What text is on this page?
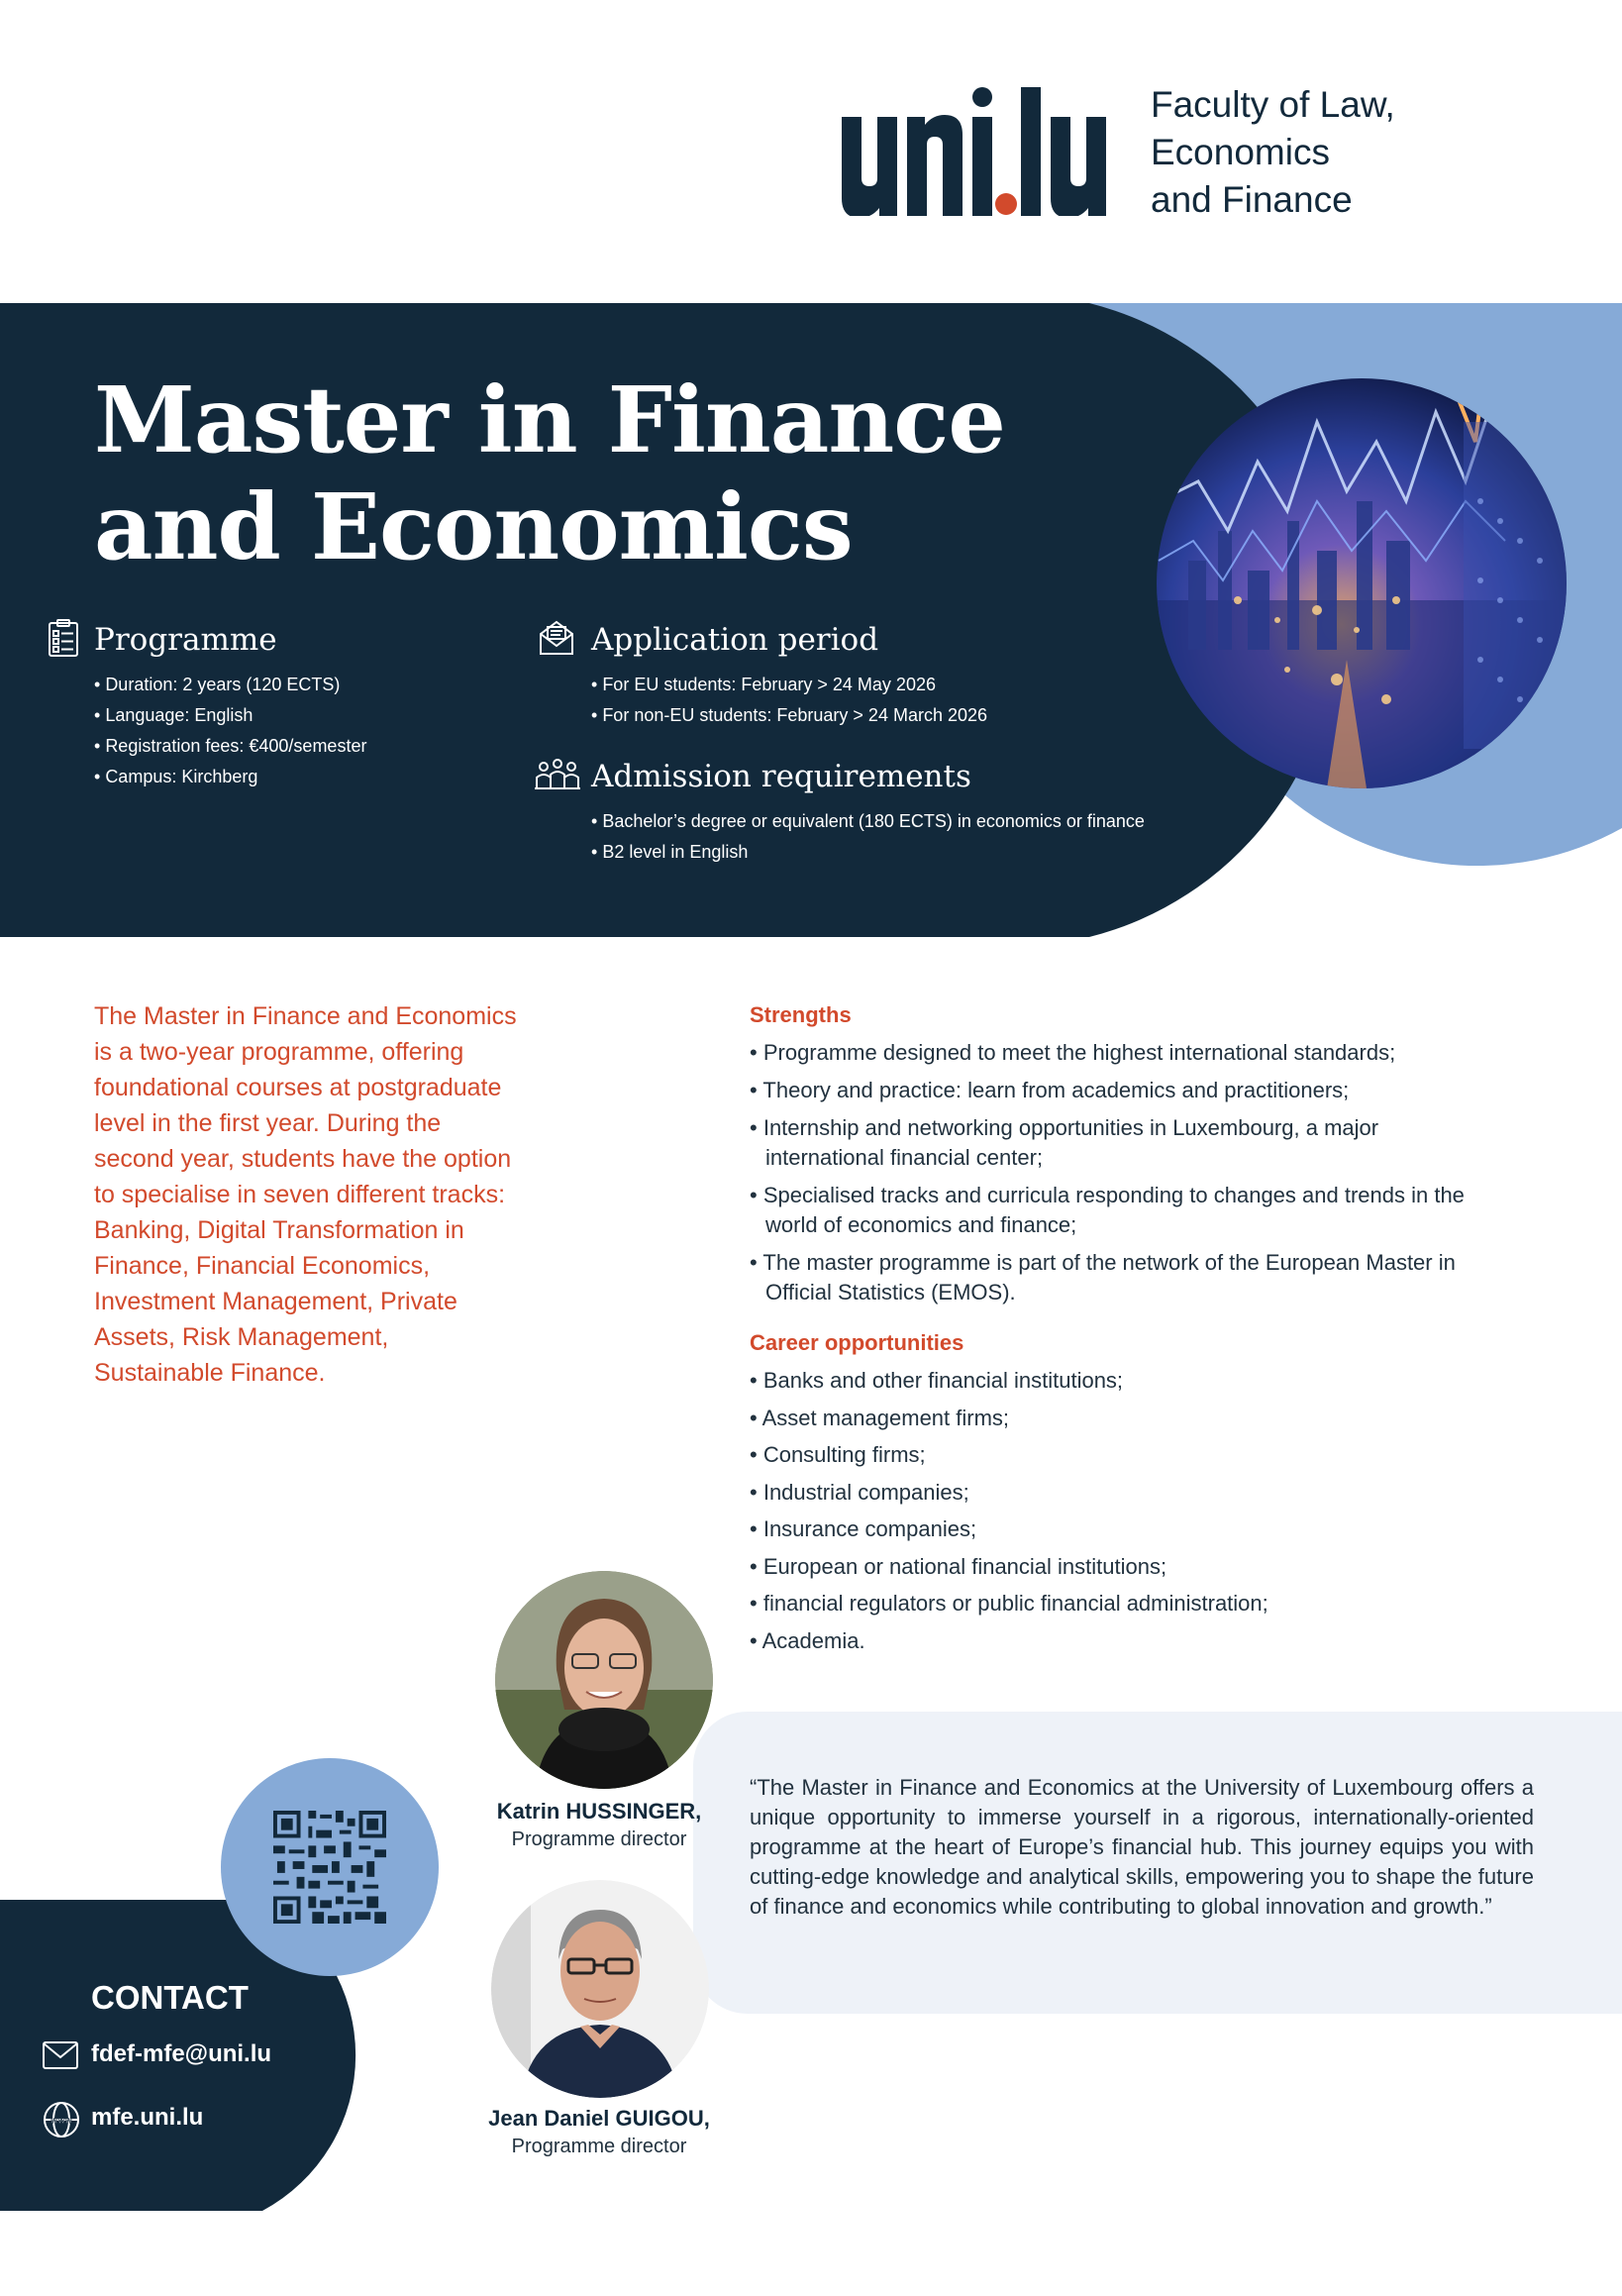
Faculty of Law,
Economics
and Finance
Master in Finance
and Economics
Programme
• Duration: 2 years (120 ECTS)
• Language: English
• Registration fees: €400/semester
• Campus: Kirchberg
Application period
• For EU students: February > 24 May 2026
• For non-EU students: February > 24 March 2026
Admission requirements
• Bachelor’s degree or equivalent (180 ECTS) in economics or finance
• B2 level in English
The Master in Finance and Economics is a two-year programme, offering foundational courses at postgraduate level in the first year. During the second year, students have the option to specialise in seven different tracks: Banking, Digital Transformation in Finance, Financial Economics, Investment Management, Private Assets, Risk Management, Sustainable Finance.
Strengths
• Programme designed to meet the highest international standards;
• Theory and practice: learn from academics and practitioners;
• Internship and networking opportunities in Luxembourg, a major international financial center;
• Specialised tracks and curricula responding to changes and trends in the world of economics and finance;
• The master programme is part of the network of the European Master in Official Statistics (EMOS).
Career opportunities
• Banks and other financial institutions;
• Asset management firms;
• Consulting firms;
• Industrial companies;
• Insurance companies;
• European or national financial institutions;
• financial regulators or public financial administration;
• Academia.
“The Master in Finance and Economics at the University of Luxembourg offers a unique opportunity to immerse yourself in a rigorous, internationally-oriented programme at the heart of Europe’s financial hub. This journey equips you with cutting-edge knowledge and analytical skills, empowering you to shape the future of finance and economics while contributing to global innovation and growth.”
Katrin HUSSINGER,
Programme director
Jean Daniel GUIGOU,
Programme director
CONTACT
fdef-mfe@uni.lu
www mfe.uni.lu
